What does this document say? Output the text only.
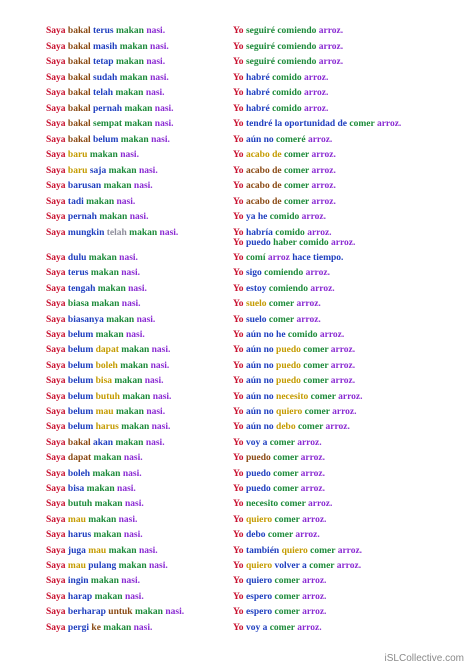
Saya bakal terus makan nasi.	Yo seguiré comiendo arroz.
Saya bakal masih makan nasi.	Yo seguiré comiendo arroz.
Saya bakal tetap makan nasi.	Yo seguiré comiendo arroz.
Saya bakal sudah makan nasi.	Yo habré comido arroz.
Saya bakal telah makan nasi.	Yo habré comido arroz.
Saya bakal pernah makan nasi.	Yo habré comido arroz.
Saya bakal sempat makan nasi.	Yo tendré la oportunidad de comer arroz.
Saya bakal belum makan nasi.	Yo aún no comeré arroz.
Saya baru makan nasi.	Yo acabo de comer arroz.
Saya baru saja makan nasi.	Yo acabo de comer arroz.
Saya barusan makan nasi.	Yo acabo de comer arroz.
Saya tadi makan nasi.	Yo acabo de comer arroz.
Saya pernah makan nasi.	Yo ya he comido arroz.
Saya mungkin telah makan nasi.	Yo habría comido arroz.
Yo puedo haber comido arroz.
Saya dulu makan nasi.	Yo comí arroz hace tiempo.
Saya terus makan nasi.	Yo sigo comiendo arroz.
Saya tengah makan nasi.	Yo estoy comiendo arroz.
Saya biasa makan nasi.	Yo suelo comer arroz.
Saya biasanya makan nasi.	Yo suelo comer arroz.
Saya belum makan nasi.	Yo aún no he comido arroz.
Saya belum dapat makan nasi.	Yo aún no puedo comer arroz.
Saya belum boleh makan nasi.	Yo aún no puedo comer arroz.
Saya belum bisa makan nasi.	Yo aún no puedo comer arroz.
Saya belum butuh makan nasi.	Yo aún no necesito comer arroz.
Saya belum mau makan nasi.	Yo aún no quiero comer arroz.
Saya belum harus makan nasi.	Yo aún no debo comer arroz.
Saya bakal akan makan nasi.	Yo voy a comer arroz.
Saya dapat makan nasi.	Yo puedo comer arroz.
Saya boleh makan nasi.	Yo puedo comer arroz.
Saya bisa makan nasi.	Yo puedo comer arroz.
Saya butuh makan nasi.	Yo necesito comer arroz.
Saya mau makan nasi.	Yo quiero comer arroz.
Saya harus makan nasi.	Yo debo comer arroz.
Saya juga mau makan nasi.	Yo también quiero comer arroz.
Saya mau pulang makan nasi.	Yo quiero volver a comer arroz.
Saya ingin makan nasi.	Yo quiero comer arroz.
Saya harap makan nasi.	Yo espero comer arroz.
Saya berharap untuk makan nasi.	Yo espero comer arroz.
Saya pergi ke makan nasi.	Yo voy a comer arroz.
iSLCollective.com
